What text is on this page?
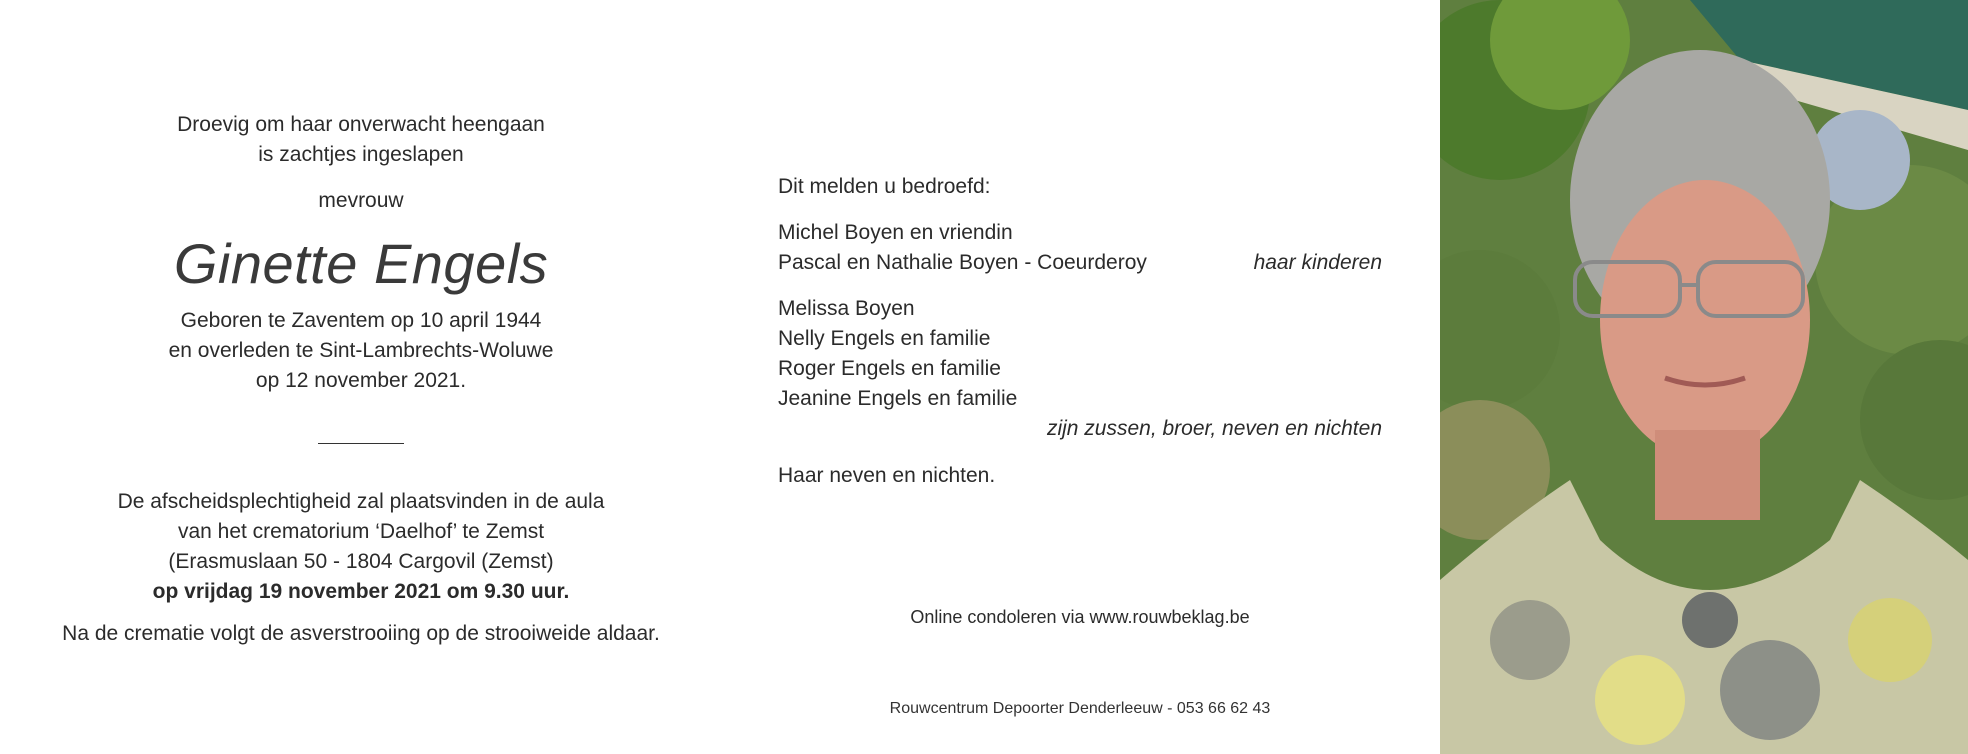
Droevig om haar onverwacht heengaan
is zachtjes ingeslapen
mevrouw
Ginette Engels
Geboren te Zaventem op 10 april 1944
en overleden te Sint-Lambrechts-Woluwe
op 12 november 2021.
De afscheidsplechtigheid zal plaatsvinden in de aula
van het crematorium ‘Daelhof’ te Zemst
(Erasmuslaan 50 - 1804 Cargovil (Zemst)
op vrijdag 19 november 2021 om 9.30 uur.
Na de crematie volgt de asverstrooiing op de strooiweide aldaar.
Dit melden u bedroefd:
Michel Boyen en vriendin
Pascal en Nathalie Boyen - Coeurderoy	haar kinderen
Melissa Boyen
Nelly Engels en familie
Roger Engels en familie
Jeanine Engels en familie
zijn zussen, broer, neven en nichten
Haar neven en nichten.
Online condoleren via www.rouwbeklag.be
Rouwcentrum Depoorter Denderleeuw - 053 66 62 43
